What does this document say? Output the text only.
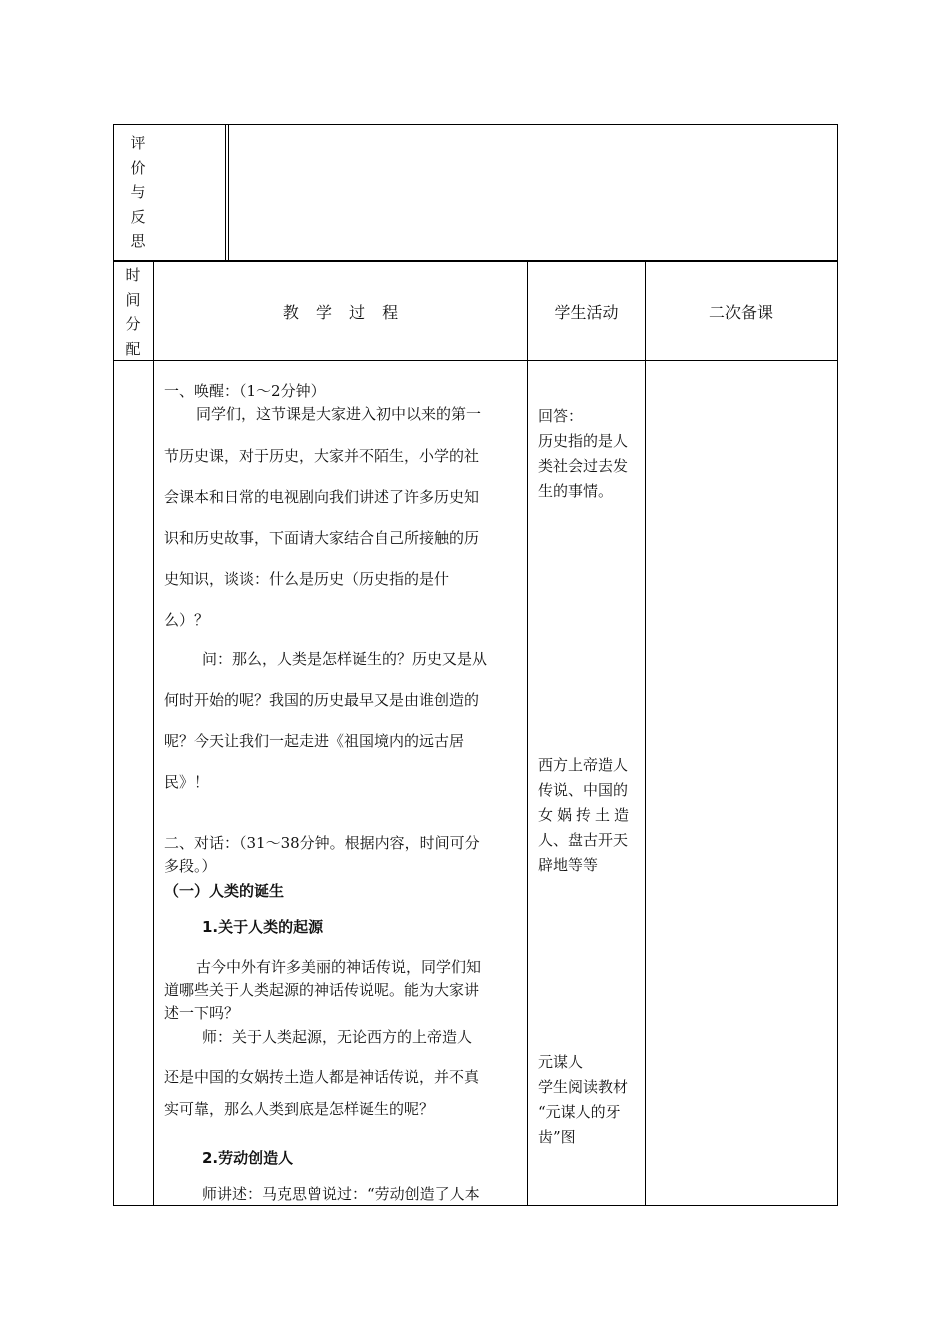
评
价
与
反
思
时
间
分
配
教 学 过 程	学生活动	二次备课
一、唤醒：（1～2分钟）
同学们，这节课是大家进入初中以来的第一
节历史课，对于历史，大家并不陌生，小学的社
会课本和日常的电视剧向我们讲述了许多历史知
识和历史故事，下面请大家结合自己所接触的历
史知识，谈谈：什么是历史（历史指的是什
么）？
问：那么，人类是怎样诞生的？历史又是从
何时开始的呢？我国的历史最早又是由谁创造的
呢？今天让我们一起走进《祖国境内的远古居
民》！
二、对话：（31～38分钟。根据内容，时间可分
多段。）
（一）人类的诞生
1.关于人类的起源
古今中外有许多美丽的神话传说，同学们知
道哪些关于人类起源的神话传说呢。能为大家讲
述一下吗？
师：关于人类起源，无论西方的上帝造人
还是中国的女娲抟土造人都是神话传说，并不真
实可靠，那么人类到底是怎样诞生的呢？
2.劳动创造人
师讲述：马克思曾说过：“劳动创造了人本
回答：
历史指的是人
类社会过去发
生的事情。
西方上帝造人
传说、中国的
女娲抟土造
人、盘古开天
辟地等等
元谋人
学生阅读教材
“元谋人的牙
齿”图
